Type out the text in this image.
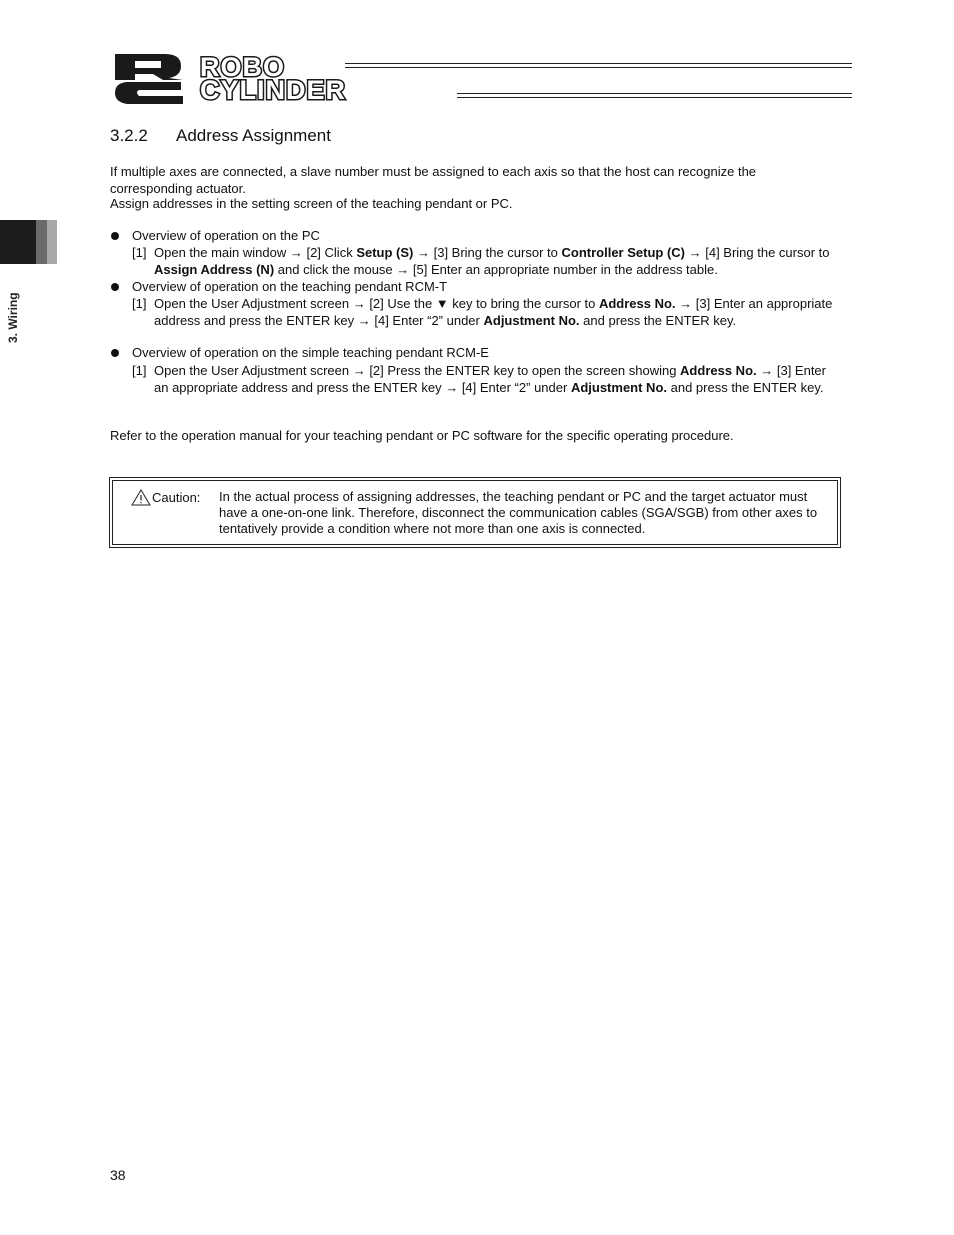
ROBO
CYLINDER
3. Wiring
3.2.2 Address Assignment
If multiple axes are connected, a slave number must be assigned to each axis so that the host can recognize the corresponding actuator.
Assign addresses in the setting screen of the teaching pendant or PC.
Overview of operation on the PC
[1] Open the main window → [2] Click Setup (S) → [3] Bring the cursor to Controller Setup (C) → [4] Bring the cursor to Assign Address (N) and click the mouse → [5] Enter an appropriate number in the address table.
Overview of operation on the teaching pendant RCM-T
[1] Open the User Adjustment screen → [2] Use the ▼ key to bring the cursor to Address No. → [3] Enter an appropriate address and press the ENTER key → [4] Enter “2” under Adjustment No. and press the ENTER key.
Overview of operation on the simple teaching pendant RCM-E
[1] Open the User Adjustment screen → [2] Press the ENTER key to open the screen showing Address No. → [3] Enter an appropriate address and press the ENTER key → [4] Enter “2” under Adjustment No. and press the ENTER key.
Refer to the operation manual for your teaching pendant or PC software for the specific operating procedure.
Caution: In the actual process of assigning addresses, the teaching pendant or PC and the target actuator must have a one-on-one link. Therefore, disconnect the communication cables (SGA/SGB) from other axes to tentatively provide a condition where not more than one axis is connected.
38
